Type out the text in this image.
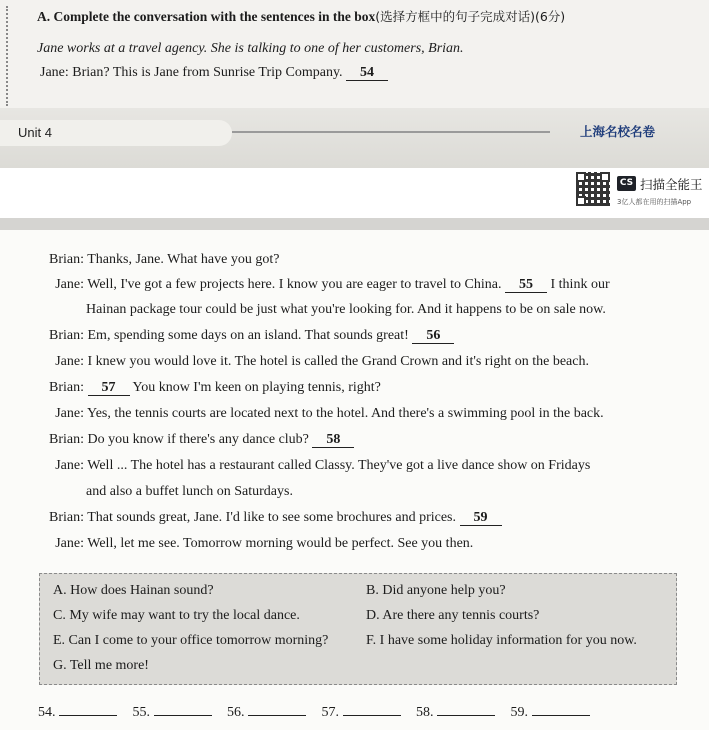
A. Complete the conversation with the sentences in the box(选择方框中的句子完成对话)(6分)
Jane works at a travel agency. She is talking to one of her customers, Brian.
Jane: Brian? This is Jane from Sunrise Trip Company. 54
Unit 4	上海名校名卷
CS 扫描全能王
3亿人都在用的扫描App
Brian: Thanks, Jane. What have you got?
Jane: Well, I've got a few projects here. I know you are eager to travel to China. 55 I think our
Hainan package tour could be just what you're looking for. And it happens to be on sale now.
Brian: Em, spending some days on an island. That sounds great! 56
Jane: I knew you would love it. The hotel is called the Grand Crown and it's right on the beach.
Brian: 57 You know I'm keen on playing tennis, right?
Jane: Yes, the tennis courts are located next to the hotel. And there's a swimming pool in the back.
Brian: Do you know if there's any dance club? 58
Jane: Well ... The hotel has a restaurant called Classy. They've got a live dance show on Fridays
and also a buffet lunch on Saturdays.
Brian: That sounds great, Jane. I'd like to see some brochures and prices. 59
Jane: Well, let me see. Tomorrow morning would be perfect. See you then.
A. How does Hainan sound?	B. Did anyone help you?
C. My wife may want to try the local dance.	D. Are there any tennis courts?
E. Can I come to your office tomorrow morning?	F. I have some holiday information for you now.
G. Tell me more!
54.	55.	56.	57.	58.	59.
